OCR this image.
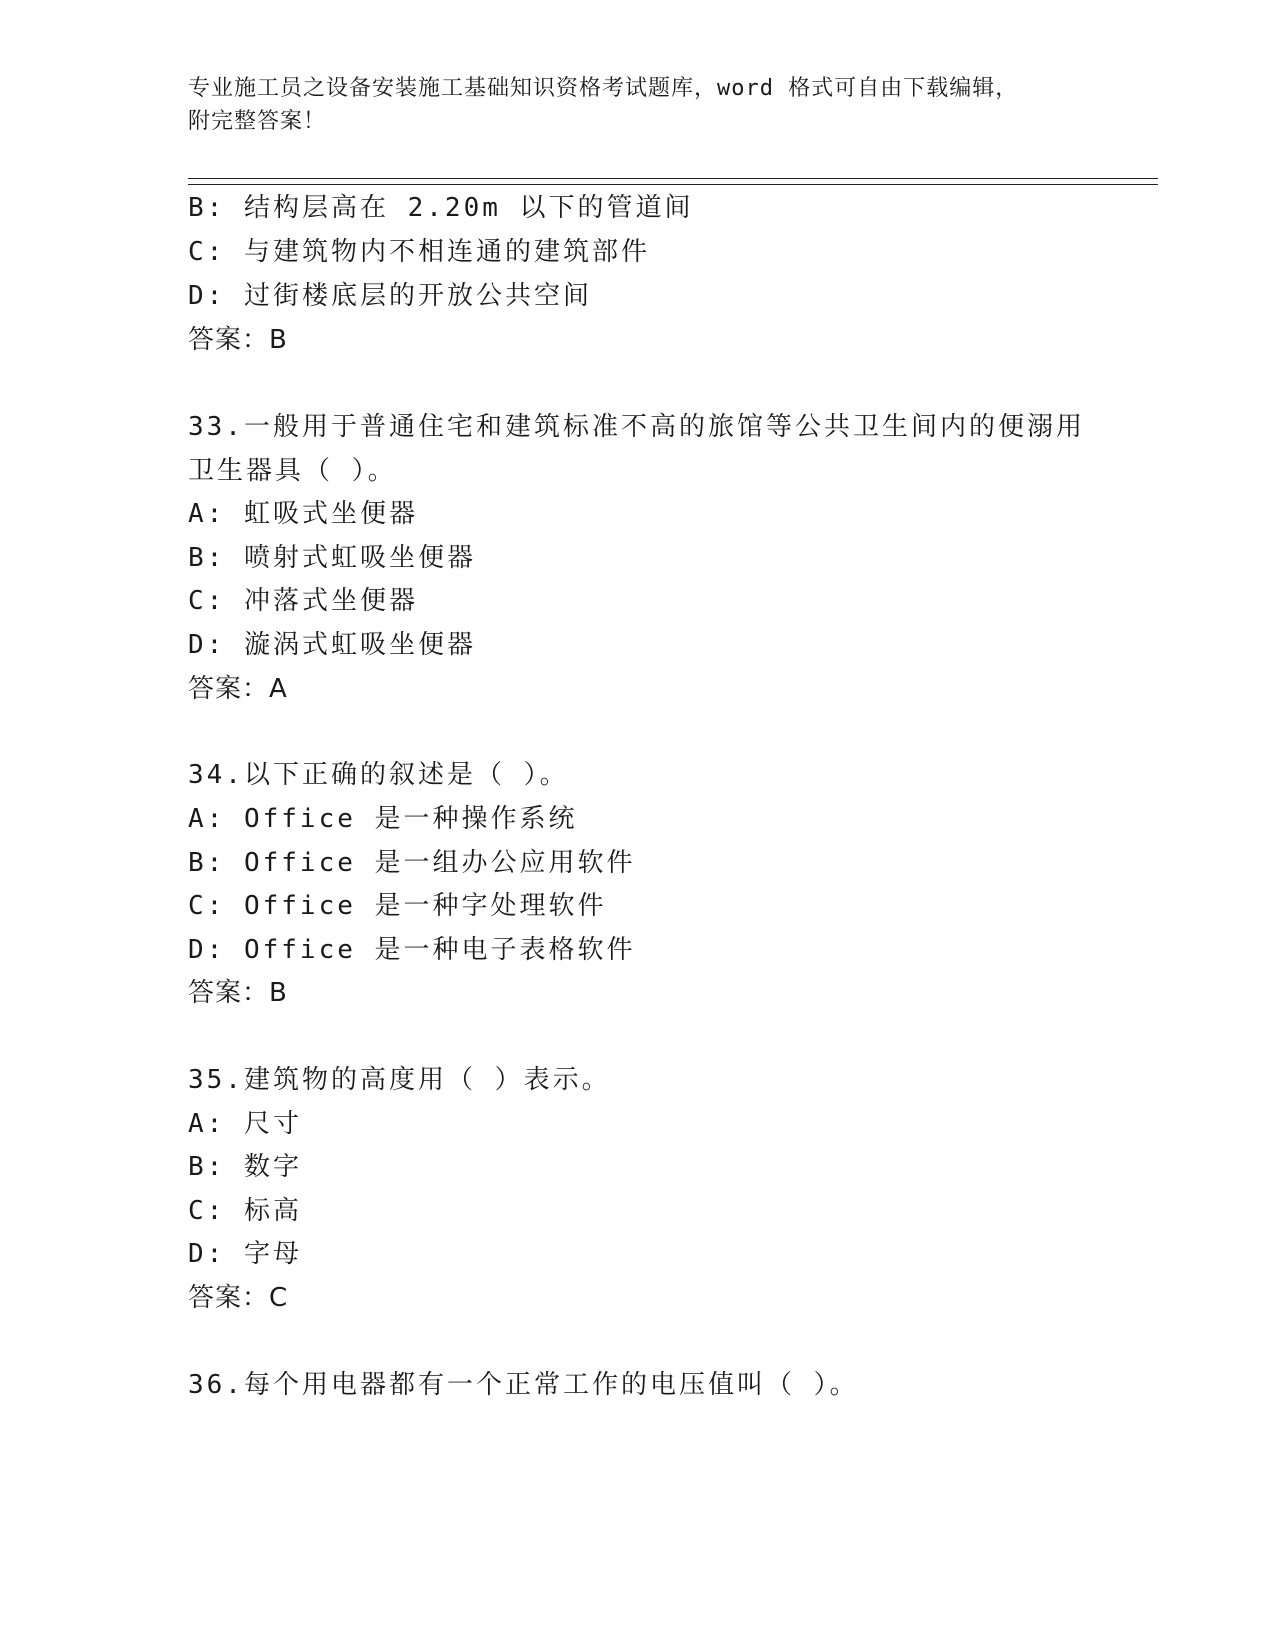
专业施工员之设备安装施工基础知识资格考试题库，word 格式可自由下载编辑，
附完整答案！
B: 结构层高在 2.20m 以下的管道间
C: 与建筑物内不相连通的建筑部件
D: 过街楼底层的开放公共空间
答案：B
33.一般用于普通住宅和建筑标准不高的旅馆等公共卫生间内的便溺用
卫生器具（ ）。
A: 虹吸式坐便器
B: 喷射式虹吸坐便器
C: 冲落式坐便器
D: 漩涡式虹吸坐便器
答案：A
34.以下正确的叙述是（ ）。
A: Office 是一种操作系统
B: Office 是一组办公应用软件
C: Office 是一种字处理软件
D: Office 是一种电子表格软件
答案：B
35.建筑物的高度用（ ）表示。
A: 尺寸
B: 数字
C: 标高
D: 字母
答案：C
36.每个用电器都有一个正常工作的电压值叫（ ）。
